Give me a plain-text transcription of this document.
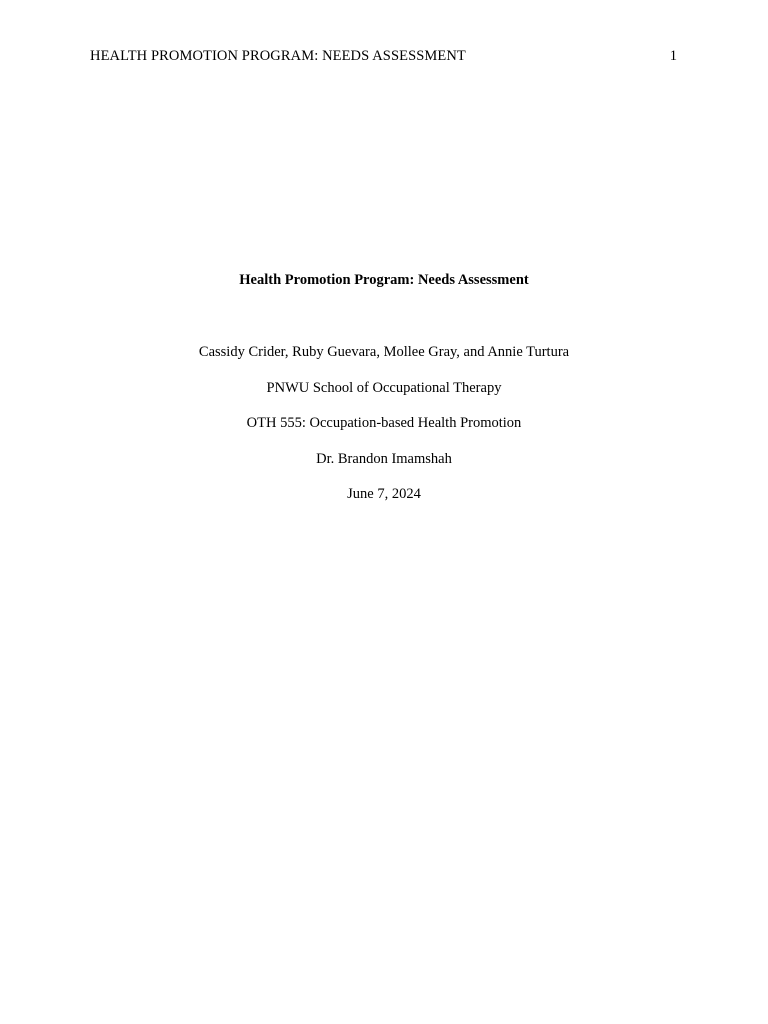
HEALTH PROMOTION PROGRAM: NEEDS ASSESSMENT	1
Health Promotion Program: Needs Assessment
Cassidy Crider, Ruby Guevara, Mollee Gray, and Annie Turtura
PNWU School of Occupational Therapy
OTH 555: Occupation-based Health Promotion
Dr. Brandon Imamshah
June 7, 2024
